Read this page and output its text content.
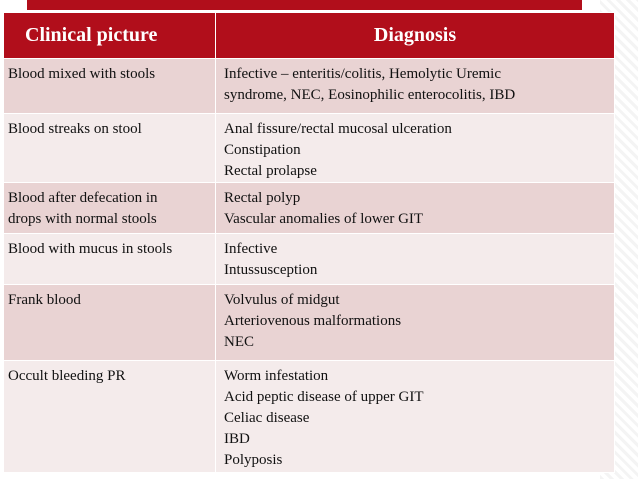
Clinical picture	Diagnosis

Blood mixed with stools	Infective – enteritis/colitis, Hemolytic Uremic
syndrome, NEC, Eosinophilic enterocolitis, IBD

Blood streaks on stool	Anal fissure/rectal mucosal ulceration
Constipation
Rectal prolapse

Blood after defecation in
drops with normal stools	Rectal polyp
Vascular anomalies of lower GIT

Blood with mucus in stools	Infective
Intussusception

Frank blood	Volvulus of midgut
Arteriovenous malformations
NEC

Occult bleeding PR	Worm infestation
Acid peptic disease of upper GIT
Celiac disease
IBD
Polyposis
